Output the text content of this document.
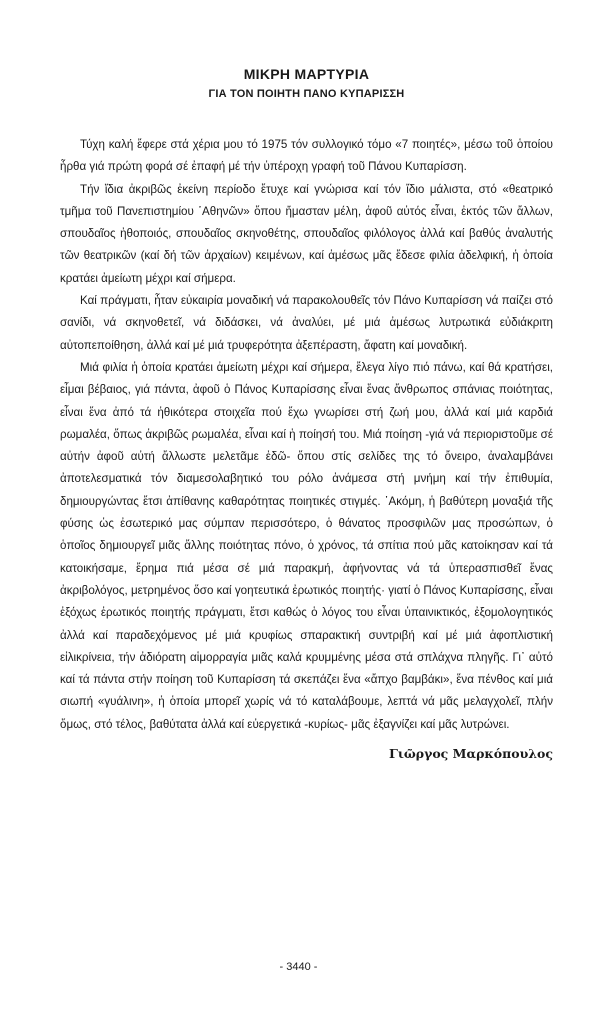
ΜΙΚΡΗ ΜΑΡΤΥΡΙΑ
ΓΙΑ ΤΟΝ ΠΟΙΗΤΗ ΠΑΝΟ ΚΥΠΑΡΙΣΣΗ

Τύχη καλή ἔφερε στά χέρια μου τό 1975 τόν συλλογικό τόμο «7 ποιητές», μέσω τοῦ ὁποίου ἦρθα γιά πρώτη φορά σέ ἐπαφή μέ τήν ὑπέροχη γραφή τοῦ Πάνου Κυπαρίσση.

Τήν ἴδια ἀκριβῶς ἐκείνη περίοδο ἔτυχε καί γνώρισα καί τόν ἴδιο μάλιστα, στό «θεατρικό τμῆμα τοῦ Πανεπιστημίου ῾Αθηνῶν» ὅπου ἤμασταν μέλη, ἀφοῦ αὐτός εἶναι, ἐκτός τῶν ἄλλων, σπουδαῖος ἠθοποιός, σπουδαῖος σκηνοθέτης, σπουδαῖος φιλόλογος ἀλλά καί βαθύς ἀναλυτής τῶν θεατρικῶν (καί δή τῶν ἀρχαίων) κειμένων, καί ἀμέσως μᾶς ἔδεσε φιλία ἀδελφική, ἡ ὁποία κρατάει ἀμείωτη μέχρι καί σήμερα.

Καί πράγματι, ἦταν εὐκαιρία μοναδική νά παρακολουθεῖς τόν Πάνο Κυπαρίσση νά παίζει στό σανίδι, νά σκηνοθετεῖ, νά διδάσκει, νά ἀναλύει, μέ μιά ἀμέσως λυτρωτικά εὐδιάκριτη αὐτοπεποίθηση, ἀλλά καί μέ μιά τρυφερότητα ἀξεπέραστη, ἄφατη καί μοναδική.

Μιά φιλία ἡ ὁποία κρατάει ἀμείωτη μέχρι καί σήμερα, ἔλεγα λίγο πιό πάνω, καί θά κρατήσει, εἶμαι βέβαιος, γιά πάντα, ἀφοῦ ὁ Πάνος Κυπαρίσσης εἶναι ἕνας ἄνθρωπος σπάνιας ποιότητας, εἶναι ἕνα ἀπό τά ἠθικότερα στοιχεῖα πού ἔχω γνωρίσει στή ζωή μου, ἀλλά καί μιά καρδιά ρωμαλέα, ὅπως ἀκριβῶς ρωμαλέα, εἶναι καί ἡ ποίησή του. Μιά ποίηση -γιά νά περιοριστοῦμε σέ αὐτήν ἀφοῦ αὐτή ἄλλωστε μελετᾶμε ἐδῶ- ὅπου στίς σελίδες της τό ὄνειρο, ἀναλαμβάνει ἀποτελεσματικά τόν διαμεσολαβητικό του ρόλο ἀνάμεσα στή μνήμη καί τήν ἐπιθυμία, δημιουργώντας ἔτσι ἀπίθανης καθαρότητας ποιητικές στιγμές. ῾Ακόμη, ἡ βαθύτερη μοναξιά τῆς φύσης ὡς ἐσωτερικό μας σύμπαν περισσότερο, ὁ θάνατος προσφιλῶν μας προσώπων, ὁ ὁποῖος δημιουργεῖ μιᾶς ἄλλης ποιότητας πόνο, ὁ χρόνος, τά σπίτια πού μᾶς κατοίκησαν καί τά κατοικήσαμε, ἔρημα πιά μέσα σέ μιά παρακμή, ἀφήνοντας νά τά ὑπερασπισθεῖ ἕνας ἀκριβολόγος, μετρημένος ὅσο καί γοητευτικά ἐρωτικός ποιητής· γιατί ὁ Πάνος Κυπαρίσσης, εἶναι ἐξόχως ἐρωτικός ποιητής πράγματι, ἔτσι καθώς ὁ λόγος του εἶναι ὑπαινικτικός, ἐξομολογητικός ἀλλά καί παραδεχόμενος μέ μιά κρυφίως σπαρακτική συντριβή καί μέ μιά ἀφοπλιστική εἰλικρίνεια, τήν ἀδιόρατη αἱμορραγία μιᾶς καλά κρυμμένης μέσα στά σπλάχνα πληγῆς. Γι᾽ αὐτό καί τά πάντα στήν ποίηση τοῦ Κυπαρίσση τά σκεπάζει ἕνα «ἄπχο βαμβάκι», ἕνα πένθος καί μιά σιωπή «γυάλινη», ἡ ὁποία μπορεῖ χωρίς νά τό καταλάβουμε, λεπτά νά μᾶς μελαγχολεῖ, πλήν ὅμως, στό τέλος, βαθύτατα ἀλλά καί εὐεργετικά -κυρίως- μᾶς ἐξαγνίζει καί μᾶς λυτρώνει.

Γιῶργος Μαρκόπουλος
- 3440 -
